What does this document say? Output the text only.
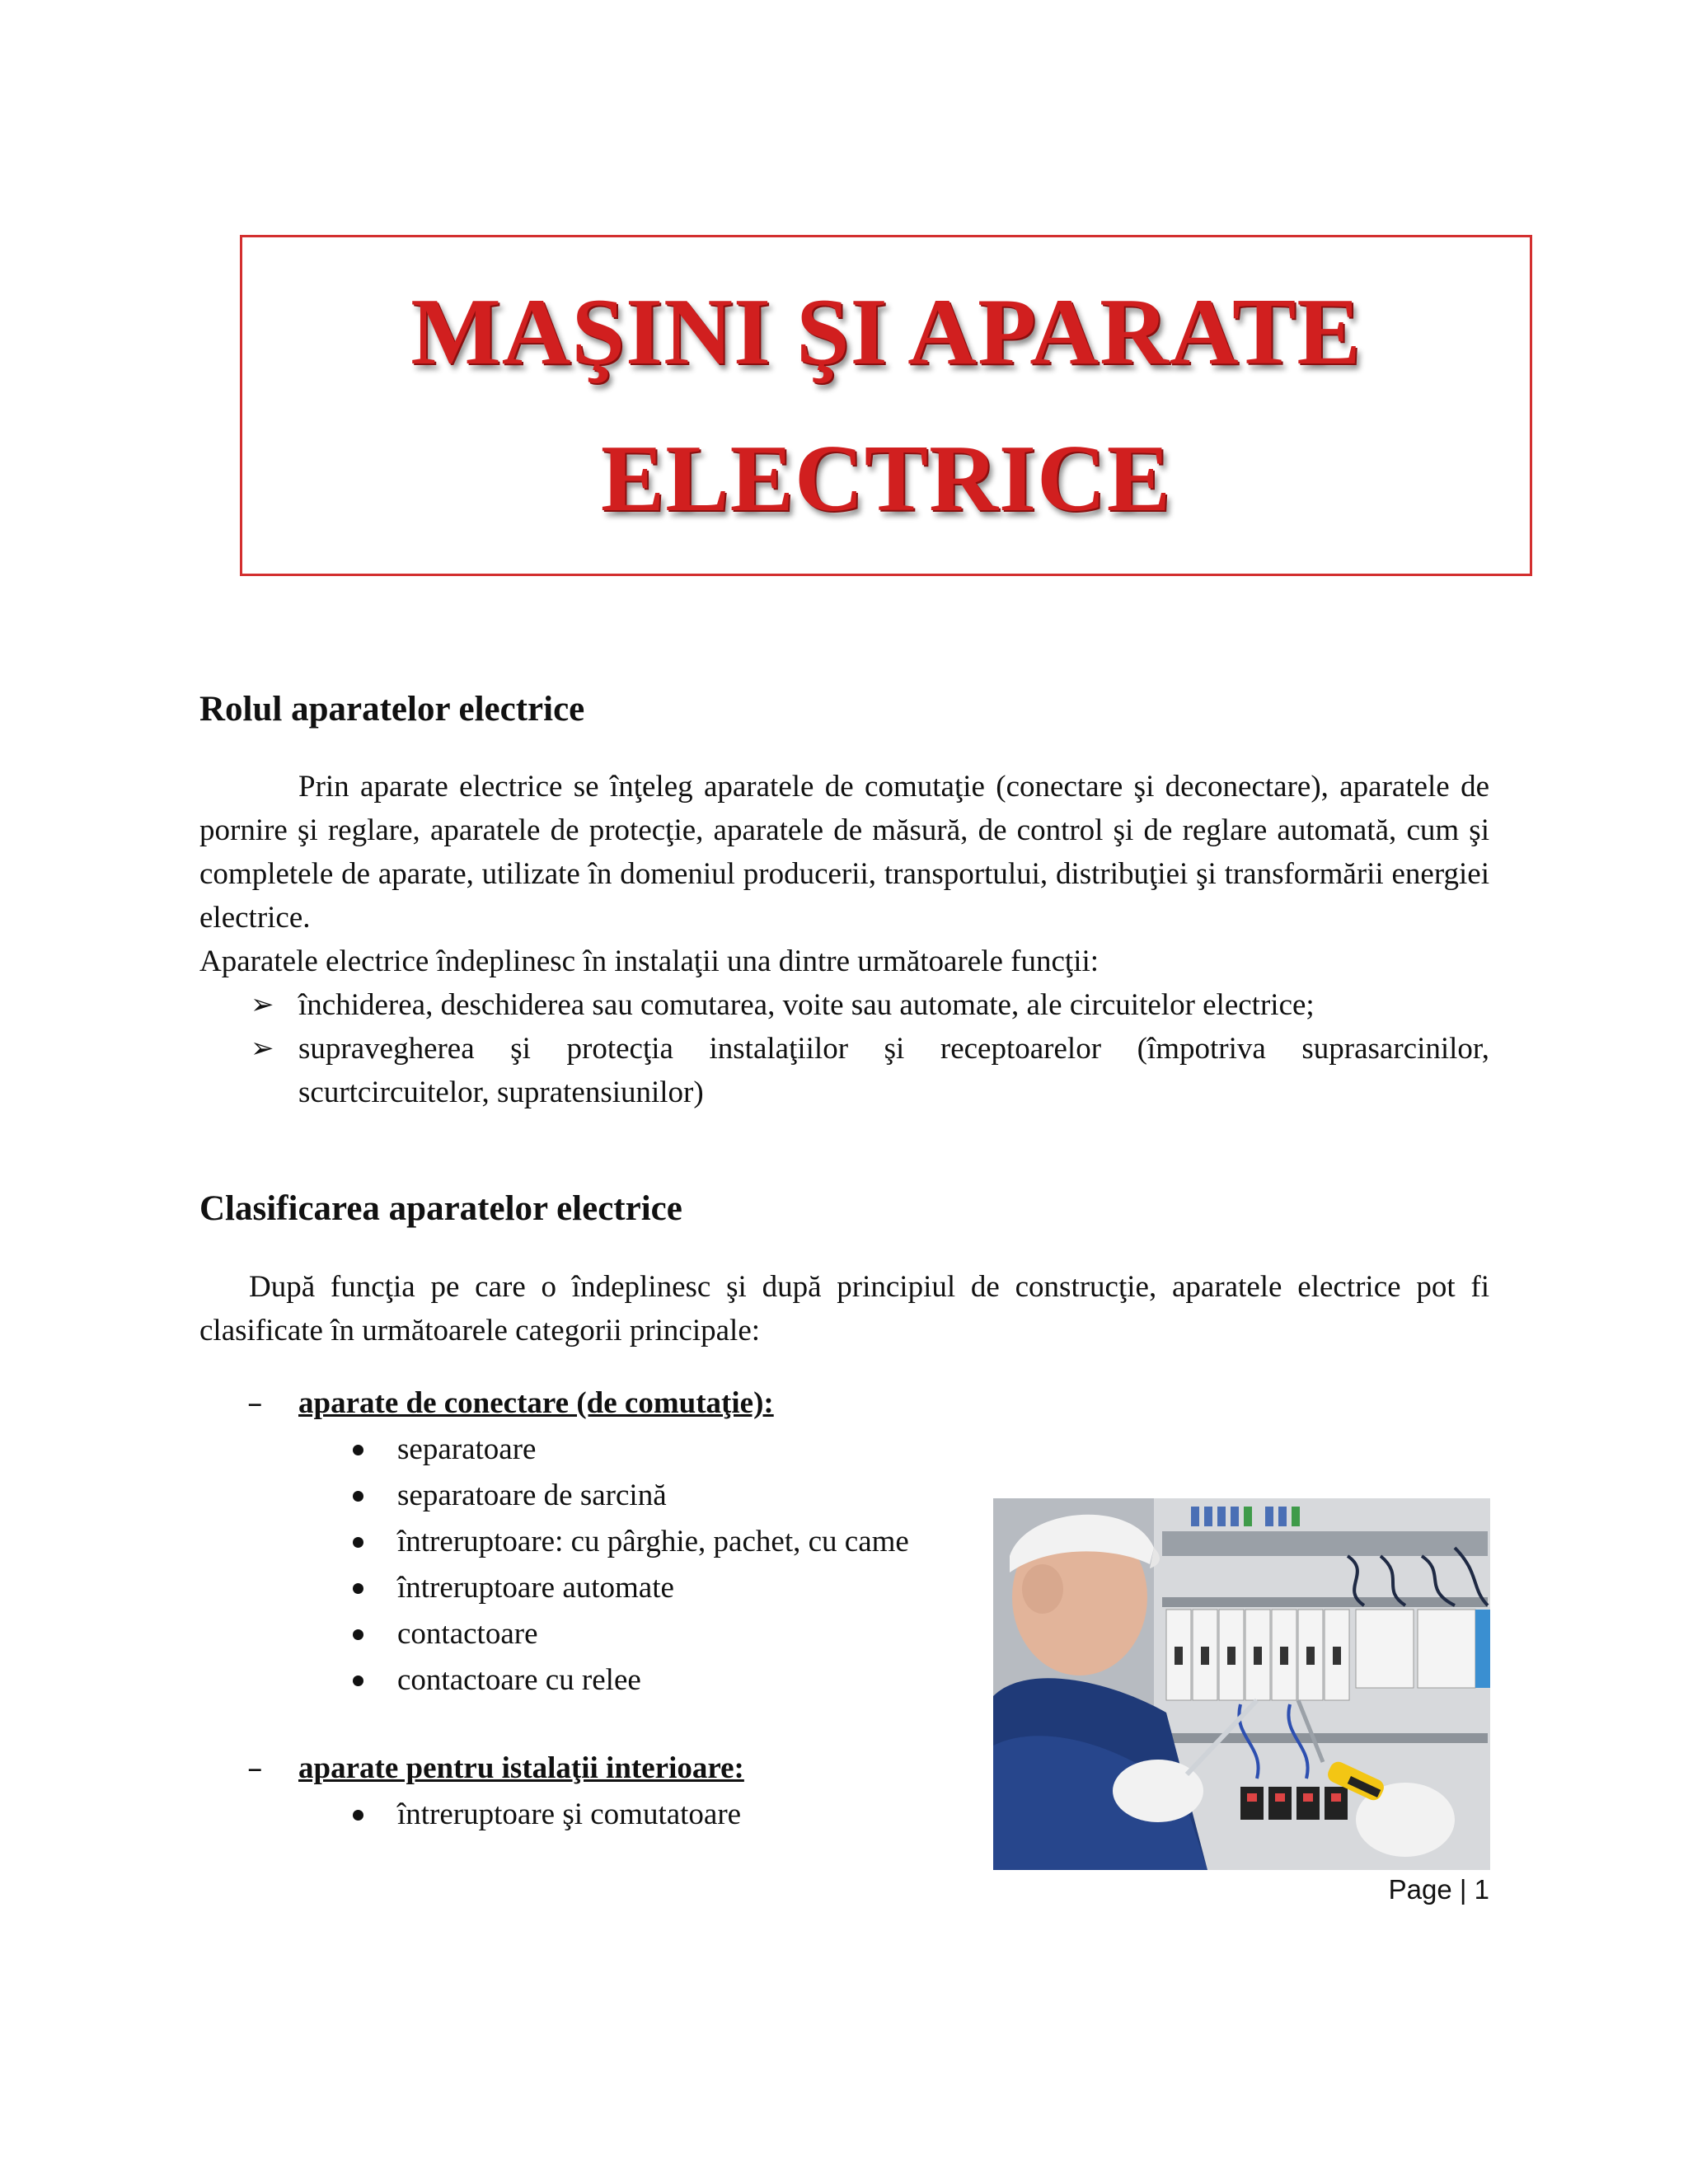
MAŞINI ŞI APARATE
ELECTRICE
Rolul aparatelor electrice

Prin aparate electrice se înţeleg aparatele de comutaţie (conectare şi deconectare), aparatele de pornire şi reglare, aparatele de protecţie, aparatele de măsură, de control şi de reglare automată, cum şi completele de aparate, utilizate în domeniul producerii, transportului, distribuţiei şi transformării energiei electrice.

Aparatele electrice îndeplinesc în instalaţii una dintre următoarele funcţii:

➢ închiderea, deschiderea sau comutarea, voite sau automate, ale circuitelor electrice;
➢ supravegherea şi protecţia instalaţiilor şi receptoarelor (împotriva suprasarcinilor, scurtcircuitelor, supratensiunilor)
Clasificarea aparatelor electrice

După funcţia pe care o îndeplinesc şi după principiul de construcţie, aparatele electrice pot fi clasificate în următoarele categorii principale:

– aparate de conectare (de comutaţie):
separatoare
separatoare de sarcină
întreruptoare: cu pârghie, pachet, cu came
întreruptoare automate
contactoare
contactoare cu relee
– aparate pentru istalaţii interioare:
întreruptoare şi comutatoare
Page | 1
